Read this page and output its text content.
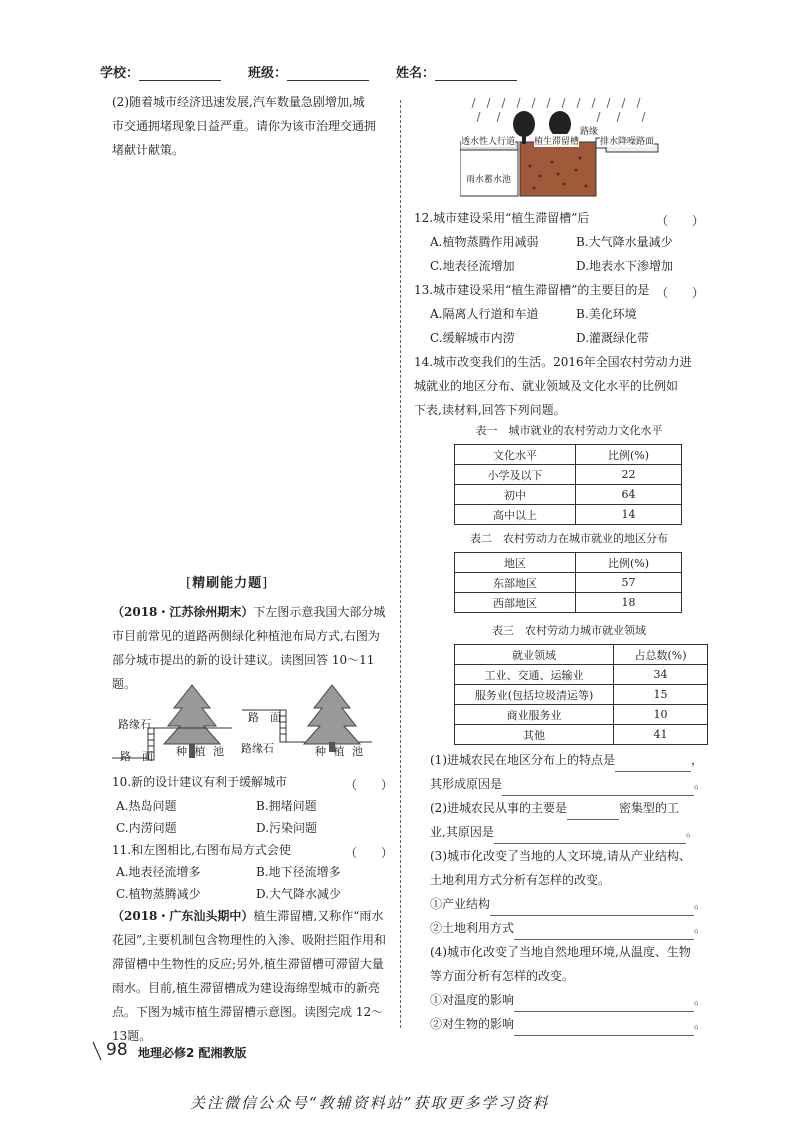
学校：	班级：	姓名：
(2)随着城市经济迅速发展,汽车数量急剧增加,城
市交通拥堵现象日益严重。请你为该市治理交通拥
堵献计献策。
[精刷能力题]
（2018・江苏徐州期末）下左图示意我国大部分城
市目前常见的道路两侧绿化种植池布局方式,右图为
部分城市提出的新的设计建议。读图回答 10～11题。
路缘石
路　面 种 植 池
路　面
路缘石	种 植 池
10.新的设计建议有利于缓解城市	（　　）
A.热岛问题	B.拥堵问题
C.内涝问题	D.污染问题
11.和左图相比,右图布局方式会使	（　　）
A.地表径流增多	B.地下径流增多
C.植物蒸腾减少	D.大气降水减少
（2018・广东汕头期中）植生滞留槽,又称作“雨水
花园”,主要机制包含物理性的入渗、吸附拦阻作用和
滞留槽中生物性的反应;另外,植生滞留槽可滞留大量
雨水。目前,植生滞留槽成为建设海绵型城市的新亮
点。下图为城市植生滞留槽示意图。读图完成 12～
13题。
透水性人行道 植生滞留槽
路缘
排水降噪路面
雨水蓄水池
12.城市建设采用“植生滞留槽”后	（　　）
A.植物蒸腾作用减弱	B.大气降水量减少
C.地表径流增加	D.地表水下渗增加
13.城市建设采用“植生滞留槽”的主要目的是 （　　）
A.隔离人行道和车道	B.美化环境
C.缓解城市内涝	D.灌溉绿化带
14.城市改变我们的生活。2016年全国农村劳动力进
城就业的地区分布、就业领域及文化水平的比例如
下表,读材料,回答下列问题。
表一　城市就业的农村劳动力文化水平
文化水平	比例(%)
小学及以下	22
初中	64
高中以上	14
表二　农村劳动力在城市就业的地区分布
地区	比例(%)
东部地区	57
西部地区	18
表三　农村劳动力城市就业领域
就业领域	占总数(%)
工业、交通、运输业	34
服务业(包括垃圾清运等)	15
商业服务业	10
其他	41
(1)进城农民在地区分布上的特点是	，
其形成原因是	。
(2)进城农民从事的主要是	密集型的工
业,其原因是	。
(3)城市化改变了当地的人文环境,请从产业结构、
土地利用方式分析有怎样的改变。
①产业结构	。
②土地利用方式	。
(4)城市化改变了当地自然地理环境,从温度、生物
等方面分析有怎样的改变。
①对温度的影响	。
②对生物的影响	。
98 地理必修2 配湘教版
关注微信公众号“教辅资料站”获取更多学习资料
